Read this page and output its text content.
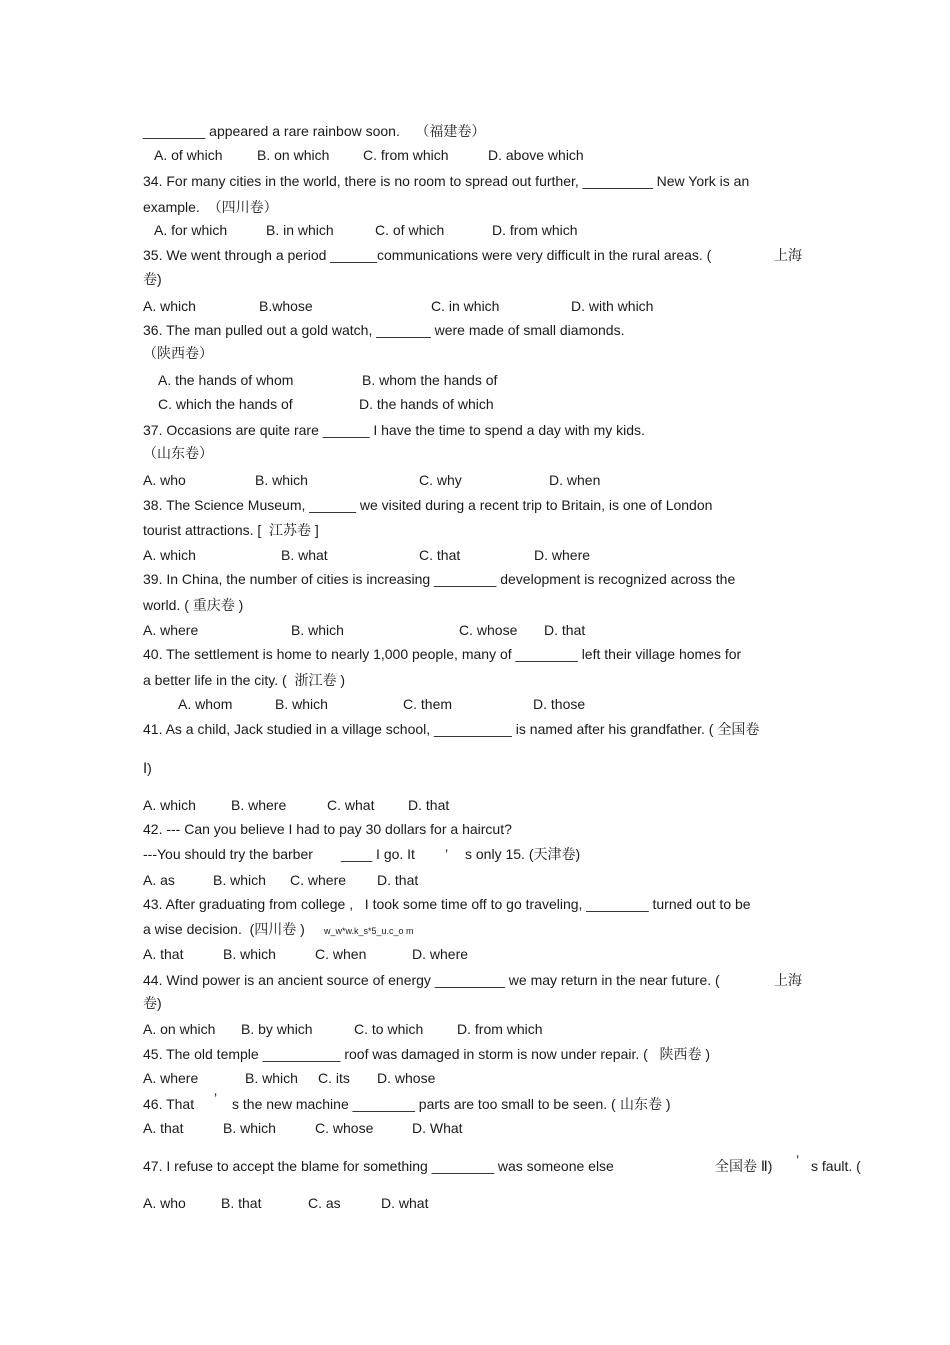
________ appeared a rare rainbow soon.    （福建卷）

A. of which

B. on which

C. from which

	D. above which

34. For many cities in the world, there is no room to spread out further, _________ New York is an

example.  （四川卷）

A. for which

	B. in which

	C. of which

	D. from which

35. We went through a period ______communications were very difficult in the rural areas. (

	上海

卷)

A. which

	B.whose

	C. in which

	D. with which

36. The man pulled out a gold watch, _______ were made of small diamonds.

（陕西卷）

A. the hands of whom

	B. whom the hands of

C. which the hands of

	D. the hands of which

37. Occasions are quite rare ______ I have the time to spend a day with my kids.

（山东卷）

A. who

	B. which

	C. why

	D. when

38. The Science Museum, ______ we visited during a recent trip to Britain, is one of London

tourist attractions. [  江苏卷 ]

A. which

	B. what

	C. that

	D. where

39. In China, the number of cities is increasing ________ development is recognized across the

world. ( 重庆卷 )

A. where

	B. which

	C. whose

D. that

40. The settlement is home to nearly 1,000 people, many of ________ left their village homes for

a better life in the city. (  浙江卷 )

A. whom

	B. which

	C. them

	D. those

41. As a child, Jack studied in a village school, __________ is named after his grandfather. ( 全国卷

Ⅰ)

A. which

	B. where

	C. what

D. that

42. --- Can you believe I had to pay 30 dollars for a haircut?

---You should try the barber

____ I go. It

’

s only 15. (天津卷)

A. as

	B. which

C. where

D. that

43. After graduating from college ,   I took some time off to go traveling, ________ turned out to be

a wise decision.  (四川卷 )

w_w*w.k_s*5_u.c_o m

A. that

	B. which

	C. when

	D. where

44. Wind power is an ancient source of energy _________ we may return in the near future. (

	上海

卷)

A. on which

B. by which

	C. to which

D. from which

45. The old temple __________ roof was damaged in storm is now under repair. (   陕西卷 )

A. where

	B. which

C. its

D. whose

46. That

’

s the new machine ________ parts are too small to be seen. (

山东卷 )

A. that

	B. which

	C. whose

	D. What

47. I refuse to accept the blame for something ________ was someone else

	全国卷 Ⅱ)

’

s fault. (

A. who

	B. that

	C. as

	D. what
